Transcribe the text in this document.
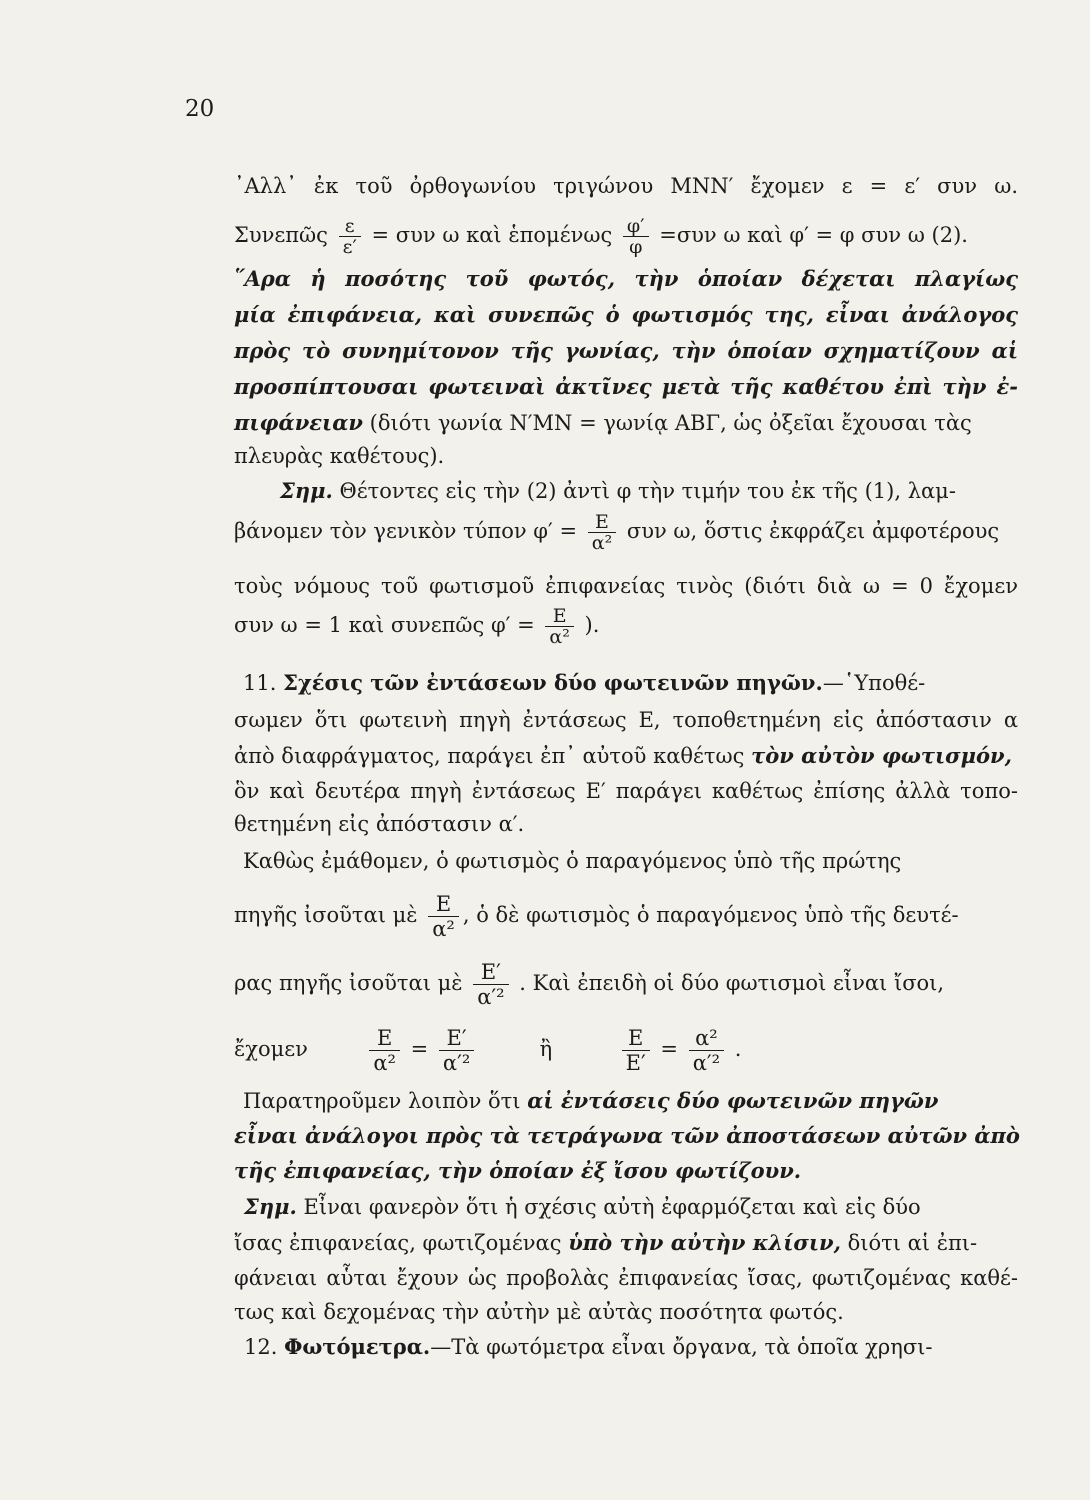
20
᾿Αλλ᾿ ἐκ τοῦ ὀρθογωνίου τριγώνου ΜΝΝ′ ἔχομεν ε = ε′ συν ω.
Συνεπῶς $\frac{\varepsilon}{\varepsilon'} = \sigma\upsilon\nu$ ω καὶ ἑπομένως $\frac{\varphi'}{\varphi} =\sigma\upsilon\nu$ ω καὶ φ′ = φ συν ω (2).
῞Αρα ἡ ποσότης τοῦ φωτός, τὴν ὁποίαν δέχεται πλαγίως
μία ἐπιφάνεια, καὶ συνεπῶς ὁ φωτισμός της, εἶναι ἀνάλογος
πρὸς τὸ συνημίτονον τῆς γωνίας, τὴν ὁποίαν σχηματίζουν αἱ
προσπίπτουσαι φωτειναὶ ἀκτῖνες μετὰ τῆς καθέτου ἐπὶ τὴν ἐ-
πιφάνειαν (διότι γωνία Ν′ΜΝ = γωνίᾳ ΑΒΓ, ὡς ὀξεῖαι ἔχουσαι τὰς
πλευρὰς καθέτους).
Σημ. Θέτοντες εἰς τὴν (2) ἀντὶ φ τὴν τιμήν του ἐκ τῆς (1), λαμ-
βάνομεν τὸν γενικὸν τύπον $\varphi' = \frac{E}{\text{α²}}$ συν ω, ὅστις ἐκφράζει ἀμφοτέρους
τοὺς νόμους τοῦ φωτισμοῦ ἐπιφανείας τινὸς (διότι διὰ ω = 0 ἔχομεν
συν ω = 1 καὶ συνεπῶς $\varphi' = \frac{E}{\text{α²}}$ ).
11. Σχέσις τῶν ἐντάσεων δύο φωτεινῶν πηγῶν.—῾Υποθέ-
σωμεν ὅτι φωτεινὴ πηγὴ ἐντάσεως Ε, τοποθετημένη εἰς ἀπόστασιν α
ἀπὸ διαφράγματος, παράγει ἐπ᾿ αὐτοῦ καθέτως τὸν αὐτὸν φωτισμόν,
ὃν καὶ δευτέρα πηγὴ ἐντάσεως Ε′ παράγει καθέτως ἐπίσης ἀλλὰ τοπο-
θετημένη εἰς ἀπόστασιν α′.
Καθὼς ἐμάθομεν, ὁ φωτισμὸς ὁ παραγόμενος ὑπὸ τῆς πρώτης
πηγῆς ἰσοῦται μὲ $\frac{E}{\text{α²}}$ , ὁ δὲ φωτισμὸς ὁ παραγόμενος ὑπὸ τῆς δευτέ-
ρας πηγῆς ἰσοῦται μὲ $\frac{E'}{\text{α′²}}$ . Καὶ ἐπειδὴ οἱ δύο φωτισμοὶ εἶναι ἴσοι,
ἔχομεν	$\frac{E}{\text{α²}} = \frac{E'}{\text{α′²}}$	ἢ	$\frac{E}{E'} = \frac{\text{α²}}{\text{α′²}}$ .
Παρατηροῦμεν λοιπὸν ὅτι αἱ ἐντάσεις δύο φωτεινῶν πηγῶν
εἶναι ἀνάλογοι πρὸς τὰ τετράγωνα τῶν ἀποστάσεων αὐτῶν ἀπὸ
τῆς ἐπιφανείας, τὴν ὁποίαν ἐξ ἴσου φωτίζουν.
Σημ. Εἶναι φανερὸν ὅτι ἡ σχέσις αὐτὴ ἐφαρμόζεται καὶ εἰς δύο
ἴσας ἐπιφανείας, φωτιζομένας ὑπὸ τὴν αὐτὴν κλίσιν, διότι αἱ ἐπι-
φάνειαι αὗται ἔχουν ὡς προβολὰς ἐπιφανείας ἴσας, φωτιζομένας καθέ-
τως καὶ δεχομένας τὴν αὐτὴν μὲ αὐτὰς ποσότητα φωτός.
12. Φωτόμετρα.—Τὰ φωτόμετρα εἶναι ὄργανα, τὰ ὁποῖα χρησι-
